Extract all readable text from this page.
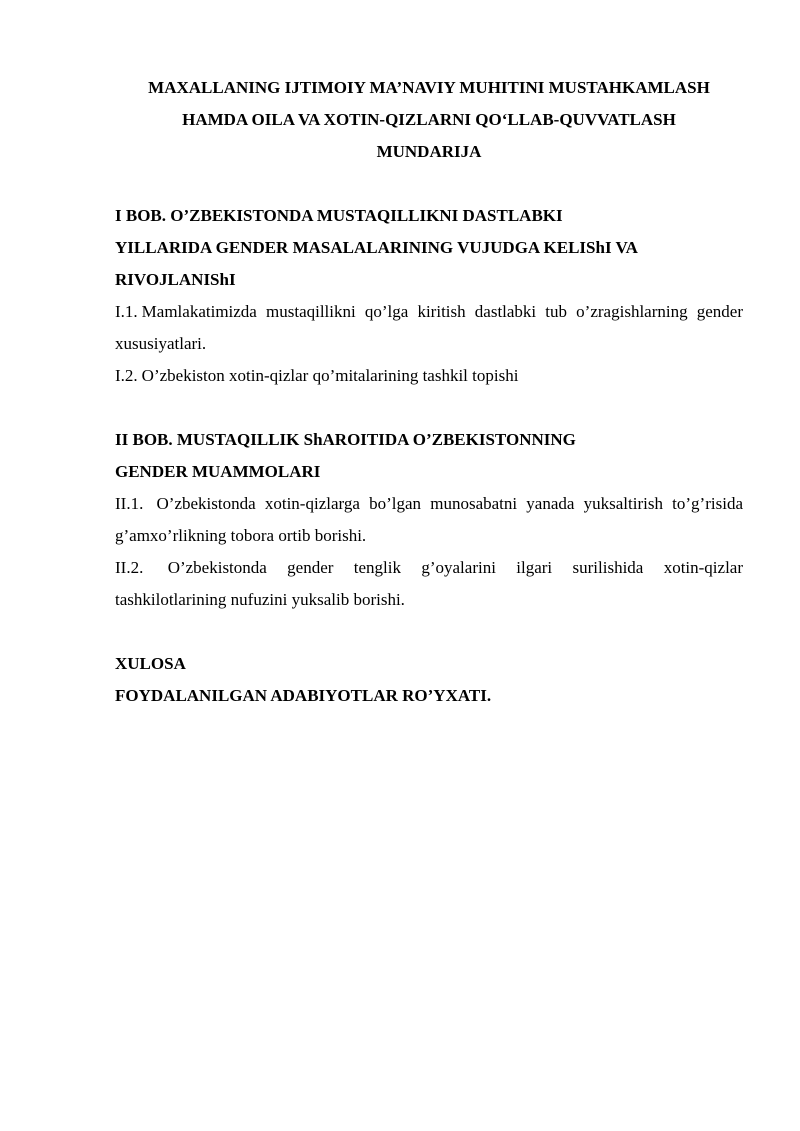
MAXALLANING IJTIMOIY MA’NAVIY MUHITINI MUSTAHKAMLASH
HAMDA OILA VA XOTIN-QIZLARNI QO‘LLAB-QUVVATLASH
MUNDARIJA
I BOB. O’ZBEKISTONDA MUSTAQILLIKNI DASTLABKI
YILLARIDA GENDER MASALALARINING VUJUDGA KELIShI VA
RIVOJLANIShI

I.1. Mamlakatimizda mustaqillikni qo’lga kiritish dastlabki tub o’zragishlarning gender xususiyatlari.

I.2. O’zbekiston xotin-qizlar qo’mitalarining tashkil topishi

II BOB. MUSTAQILLIK ShAROITIDA O’ZBEKISTONNING
GENDER MUAMMOLARI

II.1. O’zbekistonda xotin-qizlarga bo’lgan munosabatni yanada yuksaltirish to’g’risida g’amxo’rlikning tobora ortib borishi.

II.2. O’zbekistonda gender tenglik g’oyalarini ilgari surilishida xotin-qizlar tashkilotlarining nufuzini yuksalib borishi.

XULOSA

FOYDALANILGAN ADABIYOTLAR RO’YXATI.
